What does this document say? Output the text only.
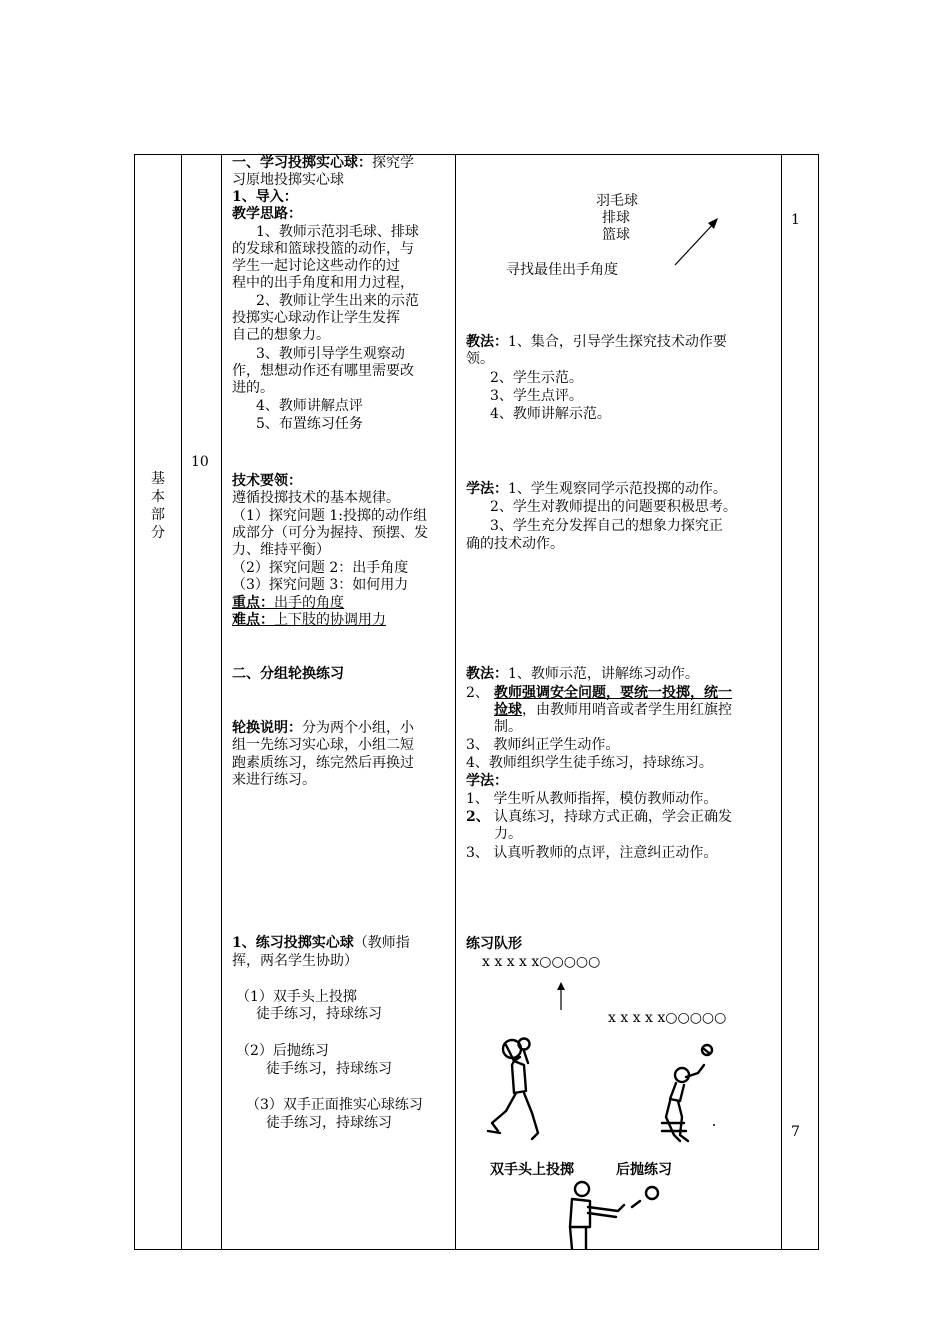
基
本
部
分
10
一、学习投掷实心球：探究学
习原地投掷实心球
1、导入：
教学思路：
1、教师示范羽毛球、排球
的发球和篮球投篮的动作，与
学生一起讨论这些动作的过
程中的出手角度和用力过程，
2、教师让学生出来的示范
投掷实心球动作让学生发挥
自己的想象力。
3、教师引导学生观察动
作，想想动作还有哪里需要改
进的。
4、教师讲解点评
5、布置练习任务
技术要领：
遵循投掷技术的基本规律。
（1）探究问题 1:投掷的动作组
成部分（可分为握持、预摆、发
力、维持平衡）
（2）探究问题 2：出手角度
（3）探究问题 3：如何用力
重点：出手的角度
难点：上下肢的协调用力
二、分组轮换练习
轮换说明：分为两个小组，小
组一先练习实心球，小组二短
跑素质练习，练完然后再换过
来进行练习。
1、练习投掷实心球（教师指
挥，两名学生协助）
（1）双手头上投掷
徒手练习，持球练习
（2）后抛练习
徒手练习，持球练习
（3）双手正面推实心球练习
徒手练习，持球练习
羽毛球
排球
篮球
寻找最佳出手角度
教法：1、集合，引导学生探究技术动作要
领。
2、学生示范。
3、学生点评。
4、教师讲解示范。
学法：1、学生观察同学示范投掷的动作。
2、学生对教师提出的问题要积极思考。
3、学生充分发挥自己的想象力探究正
确的技术动作。
教法：1、教师示范，讲解练习动作。
2、 教师强调安全问题，要统一投掷，统一
捡球，由教师用哨音或者学生用红旗控
制。
3、 教师纠正学生动作。
4、教师组织学生徒手练习，持球练习。
学法：
1、 学生听从教师指挥，模仿教师动作。
2、 认真练习，持球方式正确，学会正确发
力。
3、 认真听教师的点评，注意纠正动作。
练习队形
x x x x x○○○○○
x x x x x○○○○○
双手头上投掷	后抛练习
1
7
